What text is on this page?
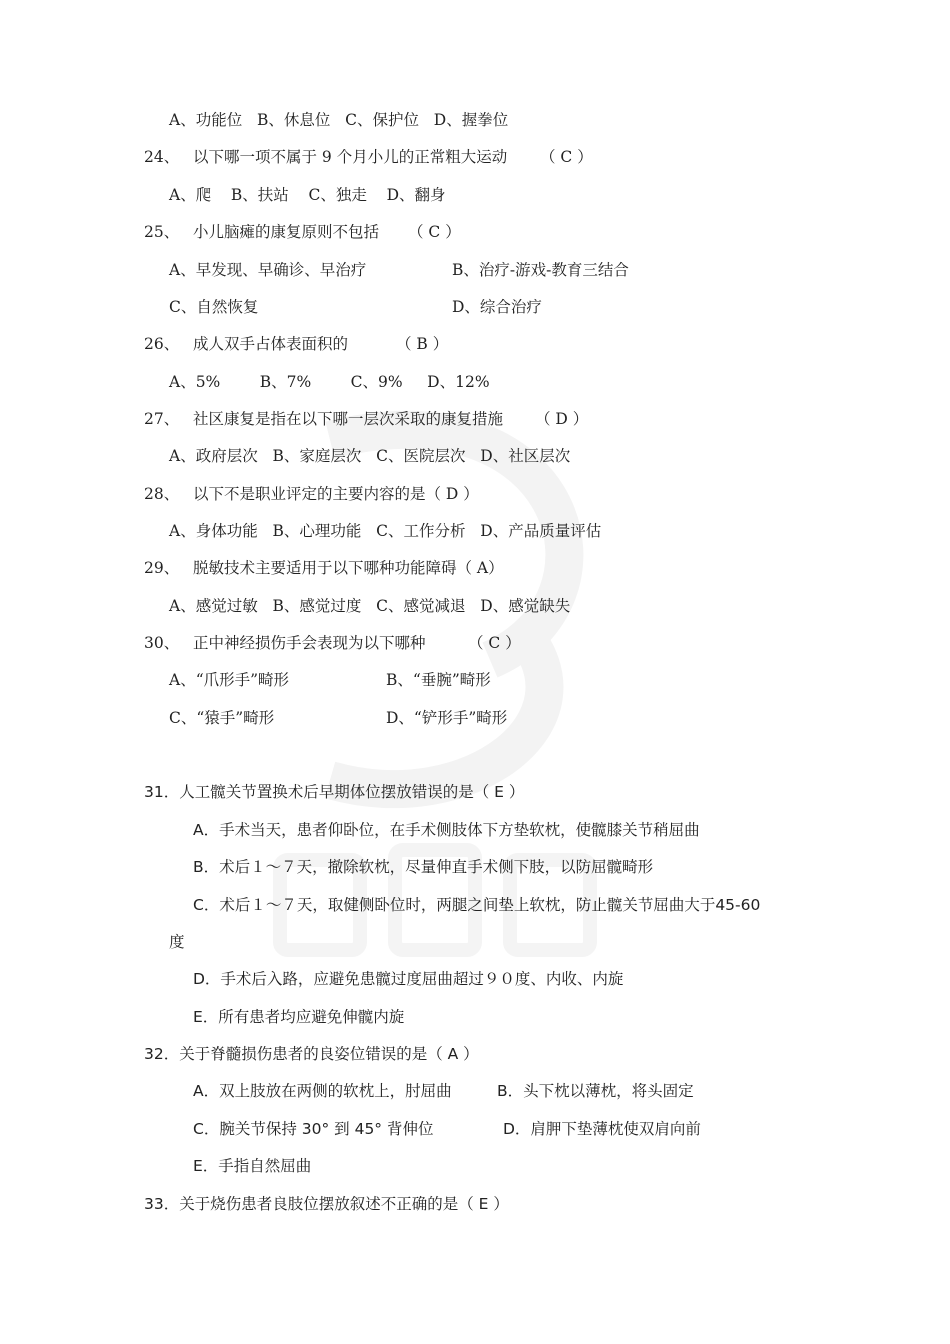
A、功能位   B、休息位   C、保护位   D、握拳位
24、 以下哪一项不属于 9 个月小儿的正常粗大运动 （ C ）
A、爬    B、扶站    C、独走    D、翻身
25、 小儿脑瘫的康复原则不包括 （ C ）
A、早发现、早确诊、早治疗	B、治疗-游戏-教育三结合
C、自然恢复	D、综合治疗
26、 成人双手占体表面积的	（ B ）
A、5%        B、7%        C、9%     D、12%
27、 社区康复是指在以下哪一层次采取的康复措施 （ D ）
A、政府层次   B、家庭层次   C、医院层次   D、社区层次
28、 以下不是职业评定的主要内容的是（ D ）
A、身体功能   B、心理功能   C、工作分析   D、产品质量评估
29、 脱敏技术主要适用于以下哪种功能障碍（ A）
A、感觉过敏   B、感觉过度   C、感觉减退   D、感觉缺失
30、 正中神经损伤手会表现为以下哪种	（ C ）
A、“爪形手”畸形	B、“垂腕”畸形
C、“猿手”畸形	D、“铲形手”畸形
31．人工髋关节置换术后早期体位摆放错误的是（ E ）
A．手术当天，患者仰卧位，在手术侧肢体下方垫软枕，使髋膝关节稍屈曲
B．术后１～７天，撤除软枕，尽量伸直手术侧下肢，以防屈髋畸形
C．术后１～７天，取健侧卧位时，两腿之间垫上软枕，防止髋关节屈曲大于45-60
度
D．手术后入路，应避免患髋过度屈曲超过９０度、内收、内旋
E．所有患者均应避免伸髋内旋
32．关于脊髓损伤患者的良姿位错误的是（ A ）
A．双上肢放在两侧的软枕上，肘屈曲	B．头下枕以薄枕，将头固定
C．腕关节保持 30° 到 45° 背伸位	D．肩胛下垫薄枕使双肩向前
E．手指自然屈曲
33．关于烧伤患者良肢位摆放叙述不正确的是（ E ）
